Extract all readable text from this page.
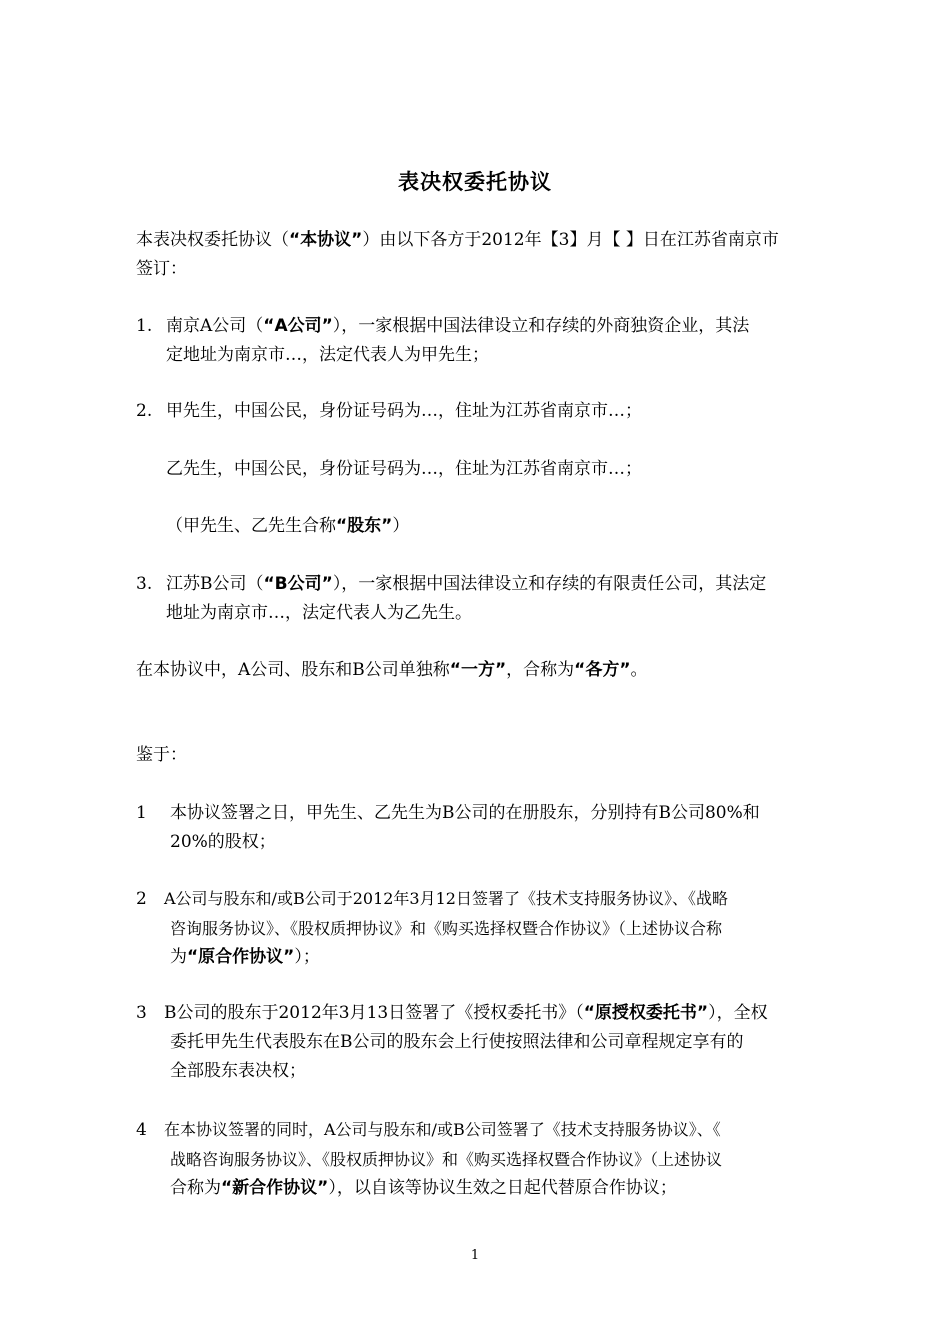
表决权委托协议
本表决权委托协议（“本协议”）由以下各方于2012年【3】月【 】日在江苏省南京市
签订：
1. 南京A公司（“A公司”），一家根据中国法律设立和存续的外商独资企业，其法
定地址为南京市…，法定代表人为甲先生；
2. 甲先生，中国公民，身份证号码为…，住址为江苏省南京市…；
乙先生，中国公民，身份证号码为…，住址为江苏省南京市…；
（甲先生、乙先生合称“股东”）
3. 江苏B公司（“B公司”），一家根据中国法律设立和存续的有限责任公司，其法定
地址为南京市…，法定代表人为乙先生。
在本协议中，A公司、股东和B公司单独称“一方”，合称为“各方”。
鉴于：
1 本协议签署之日，甲先生、乙先生为B公司的在册股东，分别持有B公司80%和
20%的股权；
2 A公司与股东和/或B公司于2012年3月12日签署了《技术支持服务协议》、《战略
咨询服务协议》、《股权质押协议》和《购买选择权暨合作协议》（上述协议合称
为“原合作协议”）；
3 B公司的股东于2012年3月13日签署了《授权委托书》（“原授权委托书”），全权
委托甲先生代表股东在B公司的股东会上行使按照法律和公司章程规定享有的
全部股东表决权；
4 在本协议签署的同时，A公司与股东和/或B公司签署了《技术支持服务协议》、《
战略咨询服务协议》、《股权质押协议》和《购买选择权暨合作协议》（上述协议
合称为“新合作协议”），以自该等协议生效之日起代替原合作协议；
1
